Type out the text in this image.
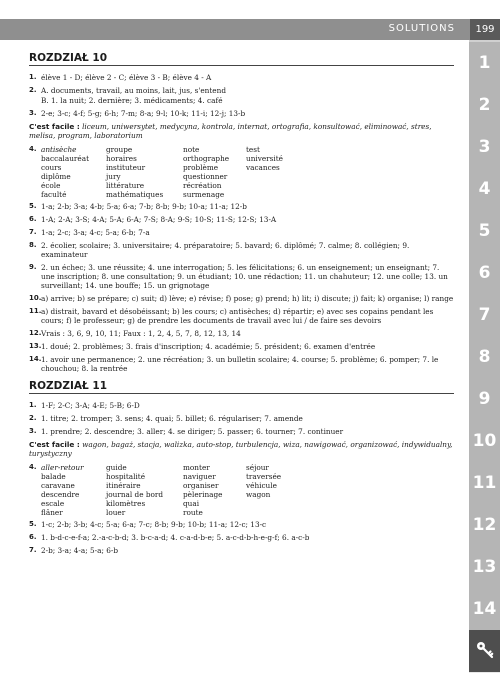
SOLUTIONS	199
ROZDZIAŁ 10
1. élève 1 - D; élève 2 - C; élève 3 - B; élève 4 - A
2. A. documents, travail, au moins, lait, jus, s'entend
B. 1. la nuit; 2. dernière; 3. médicaments; 4. café
3. 2-e; 3-c; 4-f; 5-g; 6-h; 7-m; 8-a; 9-l; 10-k; 11-i; 12-j; 13-b
C'est facile : liceum, uniwersytet, medycyna, kontrola, internat, ortografia, konsultować, eliminować, stres, melisa, program, laboratorium
4. antisèche	groupe	note	test
baccalauréat	horaires	orthographe	université
cours	instituteur	problème	vacances
diplôme	jury	questionner
école	littérature	récréation
faculté	mathématiques	surmenage
5. 1-a; 2-b; 3-a; 4-b; 5-a; 6-a; 7-b; 8-b; 9-b; 10-a; 11-a; 12-b
6. 1-A; 2-A; 3-S; 4-A; 5-A; 6-A; 7-S; 8-A; 9-S; 10-S; 11-S; 12-S; 13-A
7. 1-a; 2-c; 3-a; 4-c; 5-a; 6-b; 7-a
8. 2. écolier, scolaire; 3. universitaire; 4. préparatoire; 5. bavard; 6. diplômé; 7. calme; 8. collégien; 9. examinateur
9. 2. un échec; 3. une réussite; 4. une interrogation; 5. les félicitations; 6. un enseignement; un enseignant; 7. une inscription; 8. une consultation; 9. un étudiant; 10. une rédaction; 11. un chahuteur; 12. une colle; 13. un surveillant; 14. une bouffe; 15. un grignotage
10. a) arrive; b) se prépare; c) suit; d) lève; e) révise; f) pose; g) prend; h) lit; i) discute; j) fait; k) organise; l) range
11. a) distrait, bavard et désobéissant; b) les cours; c) antisèches; d) répartir; e) avec ses copains pendant les cours; f) le professeur; g) de prendre les documents de travail avec lui / de faire ses devoirs
12. Vrais : 3, 6, 9, 10, 11; Faux : 1, 2, 4, 5, 7, 8, 12, 13, 14
13. 1. doué; 2. problèmes; 3. frais d'inscription; 4. académie; 5. président; 6. examen d'entrée
14. 1. avoir une permanence; 2. une récréation; 3. un bulletin scolaire; 4. course; 5. problème; 6. pomper; 7. le chouchou; 8. la rentrée
ROZDZIAŁ 11
1. 1-F; 2-C; 3-A; 4-E; 5-B; 6-D
2. 1. titre; 2. tromper; 3. sens; 4. quai; 5. billet; 6. régulariser; 7. amende
3. 1. prendre; 2. descendre; 3. aller; 4. se diriger; 5. passer; 6. tourner; 7. continuer
C'est facile : wagon, bagaż, stacja, walizka, auto-stop, turbulencja, wiza, nawigować, organizować, indywidualny, turystyczny
4. aller-retour	guide	monter	séjour
balade	hospitalité	naviguer	traversée
caravane	itinéraire	organiser	véhicule
descendre	journal de bord	pèlerinage	wagon
escale	kilomètres	quai
flâner	louer	route
5. 1-c; 2-b; 3-b; 4-c; 5-a; 6-a; 7-c; 8-b; 9-b; 10-b; 11-a; 12-c; 13-c
6. 1. b-d-c-e-f-a; 2.-a-c-b-d; 3. b-c-a-d; 4. c-a-d-b-e; 5. a-c-d-b-h-e-g-f; 6. a-c-b
7. 2-b; 3-a; 4-a; 5-a; 6-b
1
2
3
4
5
6
7
8
9
10
11
12
13
14
